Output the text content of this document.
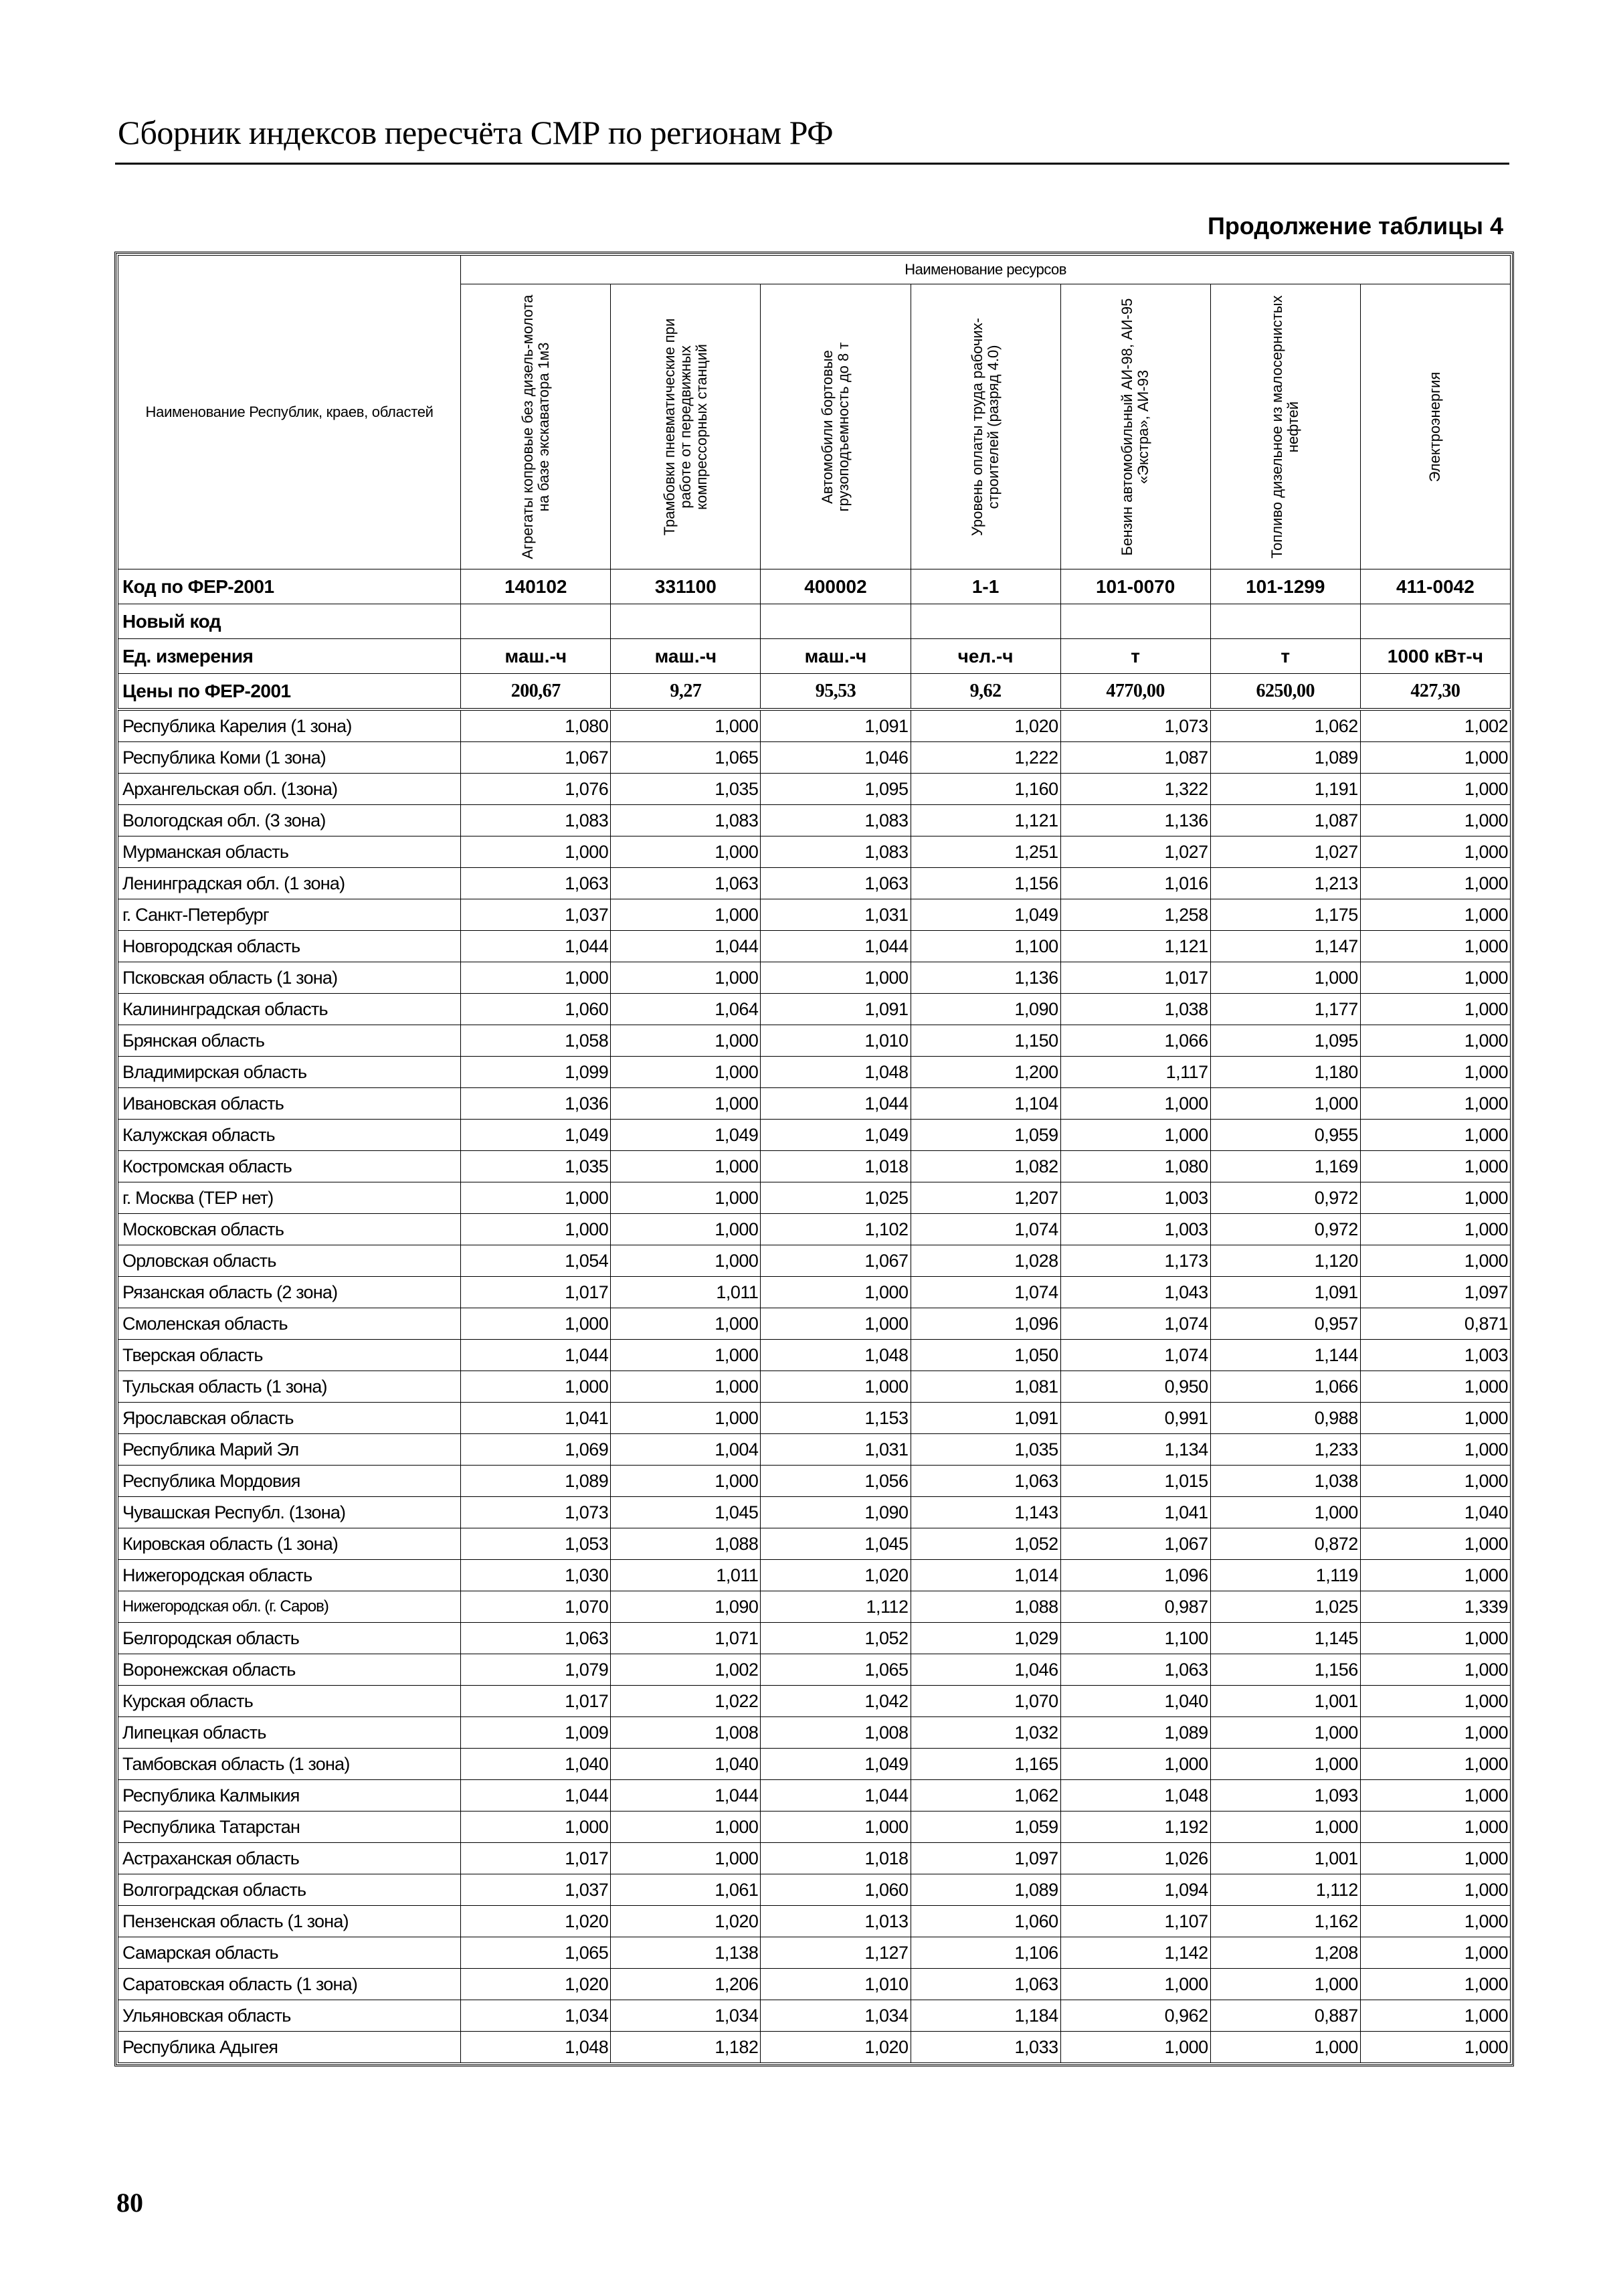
Сборник индексов пересчёта СМР по регионам РФ
Продолжение таблицы 4
Наименование Республик, краев, областей	Наименование ресурсов						

	Агрегаты копровые без дизель-молота на базе экскаватора 1м3	Трамбовки пневматические при работе от передвижных компрессорных станций	Автомобили бортовые грузоподъемность до 8 т	Уровень оплаты труда рабочих-строителей (разряд 4.0)	Бензин автомобильный АИ-98, АИ-95 «Экстра», АИ-93	Топливо дизельное из малосернистых нефтей	Электроэнергия

Код по ФЕР-2001	140102	331100	400002	1-1	101-0070	101-1299	411-0042
Новый код							
Ед. измерения	маш.-ч	маш.-ч	маш.-ч	чел.-ч	т	т	1000 кВт-ч
Цены по ФЕР-2001	200,67	9,27	95,53	9,62	4770,00	6250,00	427,30
Республика Карелия (1 зона)	1,080	1,000	1,091	1,020	1,073	1,062	1,002
Республика Коми (1 зона)	1,067	1,065	1,046	1,222	1,087	1,089	1,000
Архангельская обл. (1зона)	1,076	1,035	1,095	1,160	1,322	1,191	1,000
Вологодская обл. (3 зона)	1,083	1,083	1,083	1,121	1,136	1,087	1,000
Мурманская область	1,000	1,000	1,083	1,251	1,027	1,027	1,000
Ленинградская обл. (1 зона)	1,063	1,063	1,063	1,156	1,016	1,213	1,000
г. Санкт-Петербург	1,037	1,000	1,031	1,049	1,258	1,175	1,000
Новгородская область	1,044	1,044	1,044	1,100	1,121	1,147	1,000
Псковская область (1 зона)	1,000	1,000	1,000	1,136	1,017	1,000	1,000
Калининградская область	1,060	1,064	1,091	1,090	1,038	1,177	1,000
Брянская область	1,058	1,000	1,010	1,150	1,066	1,095	1,000
Владимирская область	1,099	1,000	1,048	1,200	1,117	1,180	1,000
Ивановская область	1,036	1,000	1,044	1,104	1,000	1,000	1,000
Калужская область	1,049	1,049	1,049	1,059	1,000	0,955	1,000
Костромская область	1,035	1,000	1,018	1,082	1,080	1,169	1,000
г. Москва (ТЕР нет)	1,000	1,000	1,025	1,207	1,003	0,972	1,000
Московская область	1,000	1,000	1,102	1,074	1,003	0,972	1,000
Орловская область	1,054	1,000	1,067	1,028	1,173	1,120	1,000
Рязанская область (2 зона)	1,017	1,011	1,000	1,074	1,043	1,091	1,097
Смоленская область	1,000	1,000	1,000	1,096	1,074	0,957	0,871
Тверская область	1,044	1,000	1,048	1,050	1,074	1,144	1,003
Тульская область (1 зона)	1,000	1,000	1,000	1,081	0,950	1,066	1,000
Ярославская область	1,041	1,000	1,153	1,091	0,991	0,988	1,000
Республика Марий Эл	1,069	1,004	1,031	1,035	1,134	1,233	1,000
Республика Мордовия	1,089	1,000	1,056	1,063	1,015	1,038	1,000
Чувашская Республ. (1зона)	1,073	1,045	1,090	1,143	1,041	1,000	1,040
Кировская область (1 зона)	1,053	1,088	1,045	1,052	1,067	0,872	1,000
Нижегородская область	1,030	1,011	1,020	1,014	1,096	1,119	1,000
Нижегородская обл. (г. Саров)	1,070	1,090	1,112	1,088	0,987	1,025	1,339
Белгородская область	1,063	1,071	1,052	1,029	1,100	1,145	1,000
Воронежская область	1,079	1,002	1,065	1,046	1,063	1,156	1,000
Курская область	1,017	1,022	1,042	1,070	1,040	1,001	1,000
Липецкая область	1,009	1,008	1,008	1,032	1,089	1,000	1,000
Тамбовская область (1 зона)	1,040	1,040	1,049	1,165	1,000	1,000	1,000
Республика Калмыкия	1,044	1,044	1,044	1,062	1,048	1,093	1,000
Республика Татарстан	1,000	1,000	1,000	1,059	1,192	1,000	1,000
Астраханская область	1,017	1,000	1,018	1,097	1,026	1,001	1,000
Волгоградская область	1,037	1,061	1,060	1,089	1,094	1,112	1,000
Пензенская область (1 зона)	1,020	1,020	1,013	1,060	1,107	1,162	1,000
Самарская область	1,065	1,138	1,127	1,106	1,142	1,208	1,000
Саратовская область (1 зона)	1,020	1,206	1,010	1,063	1,000	1,000	1,000
Ульяновская область	1,034	1,034	1,034	1,184	0,962	0,887	1,000
Республика Адыгея	1,048	1,182	1,020	1,033	1,000	1,000	1,000
80
